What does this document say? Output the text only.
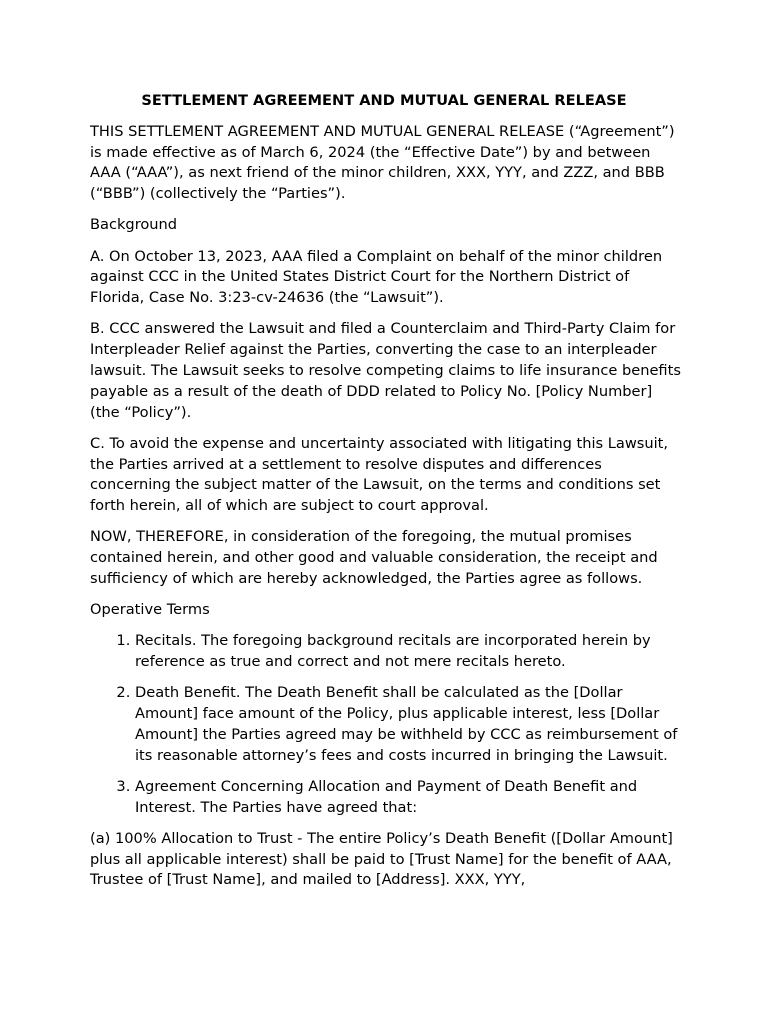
SETTLEMENT AGREEMENT AND MUTUAL GENERAL RELEASE

THIS SETTLEMENT AGREEMENT AND MUTUAL GENERAL RELEASE (“Agreement”) is made effective as of March 6, 2024 (the “Effective Date”) by and between AAA (“AAA”), as next friend of the minor children, XXX, YYY, and ZZZ, and BBB (“BBB”) (collectively the “Parties”).

Background

A. On October 13, 2023, AAA filed a Complaint on behalf of the minor children against CCC in the United States District Court for the Northern District of Florida, Case No. 3:23-cv-24636 (the “Lawsuit”).

B. CCC answered the Lawsuit and filed a Counterclaim and Third-Party Claim for Interpleader Relief against the Parties, converting the case to an interpleader lawsuit. The Lawsuit seeks to resolve competing claims to life insurance benefits payable as a result of the death of DDD related to Policy No. [Policy Number] (the “Policy”).

C. To avoid the expense and uncertainty associated with litigating this Lawsuit, the Parties arrived at a settlement to resolve disputes and differences concerning the subject matter of the Lawsuit, on the terms and conditions set forth herein, all of which are subject to court approval.

NOW, THEREFORE, in consideration of the foregoing, the mutual promises contained herein, and other good and valuable consideration, the receipt and sufficiency of which are hereby acknowledged, the Parties agree as follows.

Operative Terms

1. Recitals. The foregoing background recitals are incorporated herein by reference as true and correct and not mere recitals hereto.
2. Death Benefit. The Death Benefit shall be calculated as the [Dollar Amount] face amount of the Policy, plus applicable interest, less [Dollar Amount] the Parties agreed may be withheld by CCC as reimbursement of its reasonable attorney’s fees and costs incurred in bringing the Lawsuit.
3. Agreement Concerning Allocation and Payment of Death Benefit and Interest. The Parties have agreed that:

(a) 100% Allocation to Trust - The entire Policy’s Death Benefit ([Dollar Amount] plus all applicable interest) shall be paid to [Trust Name] for the benefit of AAA, Trustee of [Trust Name], and mailed to [Address]. XXX, YYY,
